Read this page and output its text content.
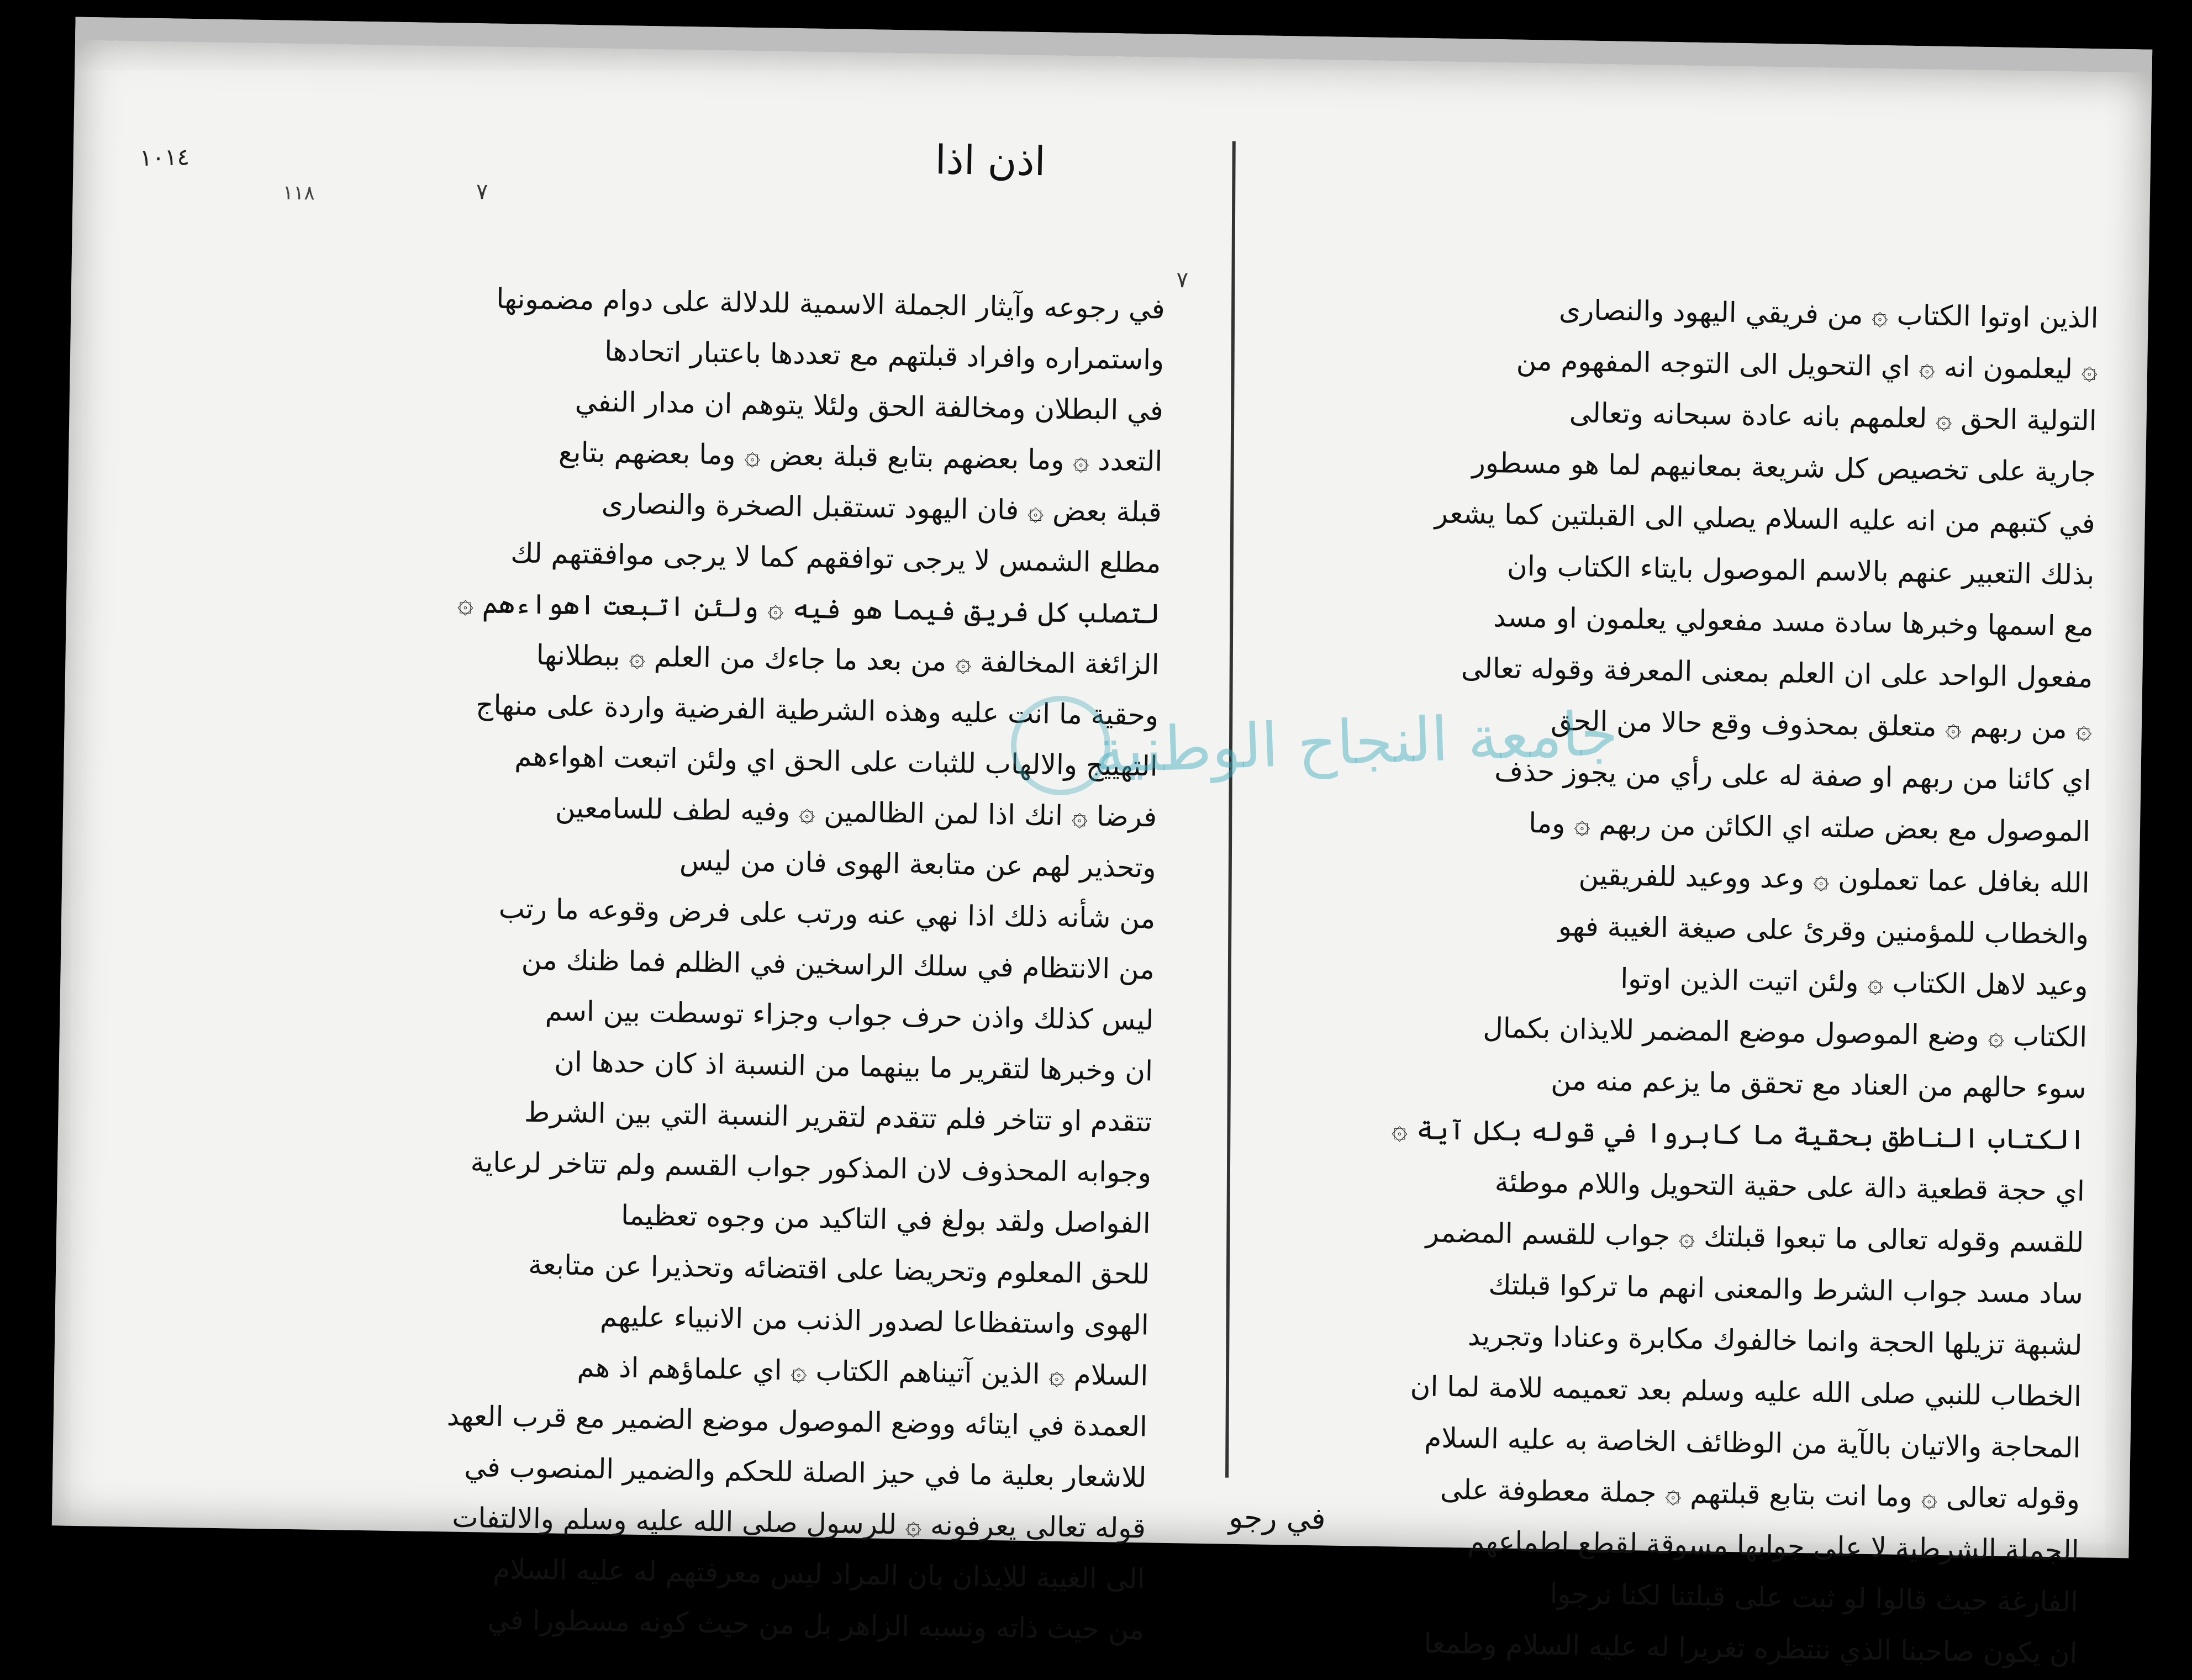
١٠١٤
١١٨
٧
٧
اذن اذا
الذين اوتوا الكتاب ۞ من فريقي اليهود والنصارى
۞ ليعلمون انه ۞ اي التحويل الى التوجه المفهوم من
التولية الحق ۞ لعلمهم بانه عادة سبحانه وتعالى
جارية على تخصيص كل شريعة بمعانيهم لما هو مسطور
في كتبهم من انه عليه السلام يصلي الى القبلتين كما يشعر
بذلك التعبير عنهم بالاسم الموصول بايتاء الكتاب وان
مع اسمها وخبرها سادة مسد مفعولي يعلمون او مسد
مفعول الواحد على ان العلم بمعنى المعرفة وقوله تعالى
۞ من ربهم ۞ متعلق بمحذوف وقع حالا من الحق
اي كائنا من ربهم او صفة له على رأي من يجوز حذف
الموصول مع بعض صلته اي الكائن من ربهم ۞ وما
الله بغافل عما تعملون ۞ وعد ووعيد للفريقين
والخطاب للمؤمنين وقرئ على صيغة الغيبة فهو
وعيد لاهل الكتاب ۞ ولئن اتيت الذين اوتوا
الكتاب ۞ وضع الموصول موضع المضمر للايذان بكمال
سوء حالهم من العناد مع تحقق ما يزعم منه من
الكتاب الناطق بحقية ما كابروا في قوله بكل آية ۞
اي حجة قطعية دالة على حقية التحويل واللام موطئة
للقسم وقوله تعالى ما تبعوا قبلتك ۞ جواب للقسم المضمر
ساد مسد جواب الشرط والمعنى انهم ما تركوا قبلتك
لشبهة تزيلها الحجة وانما خالفوك مكابرة وعنادا وتجريد
الخطاب للنبي صلى الله عليه وسلم بعد تعميمه للامة لما ان
المحاجة والاتيان بالآية من الوظائف الخاصة به عليه السلام
وقوله تعالى ۞ وما انت بتابع قبلتهم ۞ جملة معطوفة على
الجملة الشرطية لا على جوابها مسوقة لقطع اطماعهم
الفارغة حيث قالوا لو ثبت على قبلتنا لكنا نرجوا
ان يكون صاحبنا الذي ننتظره تغريرا له عليه السلام وطمعا
في رجوعه وآيثار الجملة الاسمية للدلالة على دوام مضمونها
واستمراره وافراد قبلتهم مع تعددها باعتبار اتحادها
في البطلان ومخالفة الحق ولئلا يتوهم ان مدار النفي
التعدد ۞ وما بعضهم بتابع قبلة بعض ۞ وما بعضهم بتابع
قبلة بعض ۞ فان اليهود تستقبل الصخرة والنصارى
مطلع الشمس لا يرجى توافقهم كما لا يرجى موافقتهم لك
لتصلب كل فريق فيما هو فيه ۞ ولئن اتبعت اهواءهم ۞
الزائغة المخالفة ۞ من بعد ما جاءك من العلم ۞ ببطلانها
وحقية ما انت عليه وهذه الشرطية الفرضية واردة على منهاج
التهييج والالهاب للثبات على الحق اي ولئن اتبعت اهواءهم
فرضا ۞ انك اذا لمن الظالمين ۞ وفيه لطف للسامعين
وتحذير لهم عن متابعة الهوى فان من ليس
من شأنه ذلك اذا نهي عنه ورتب على فرض وقوعه ما رتب
من الانتظام في سلك الراسخين في الظلم فما ظنك من
ليس كذلك واذن حرف جواب وجزاء توسطت بين اسم
ان وخبرها لتقرير ما بينهما من النسبة اذ كان حدها ان
تتقدم او تتاخر فلم تتقدم لتقرير النسبة التي بين الشرط
وجوابه المحذوف لان المذكور جواب القسم ولم تتاخر لرعاية
الفواصل ولقد بولغ في التاكيد من وجوه تعظيما
للحق المعلوم وتحريضا على اقتضائه وتحذيرا عن متابعة
الهوى واستفظاعا لصدور الذنب من الانبياء عليهم
السلام ۞ الذين آتيناهم الكتاب ۞ اي علماؤهم اذ هم
العمدة في ايتائه ووضع الموصول موضع الضمير مع قرب العهد
للاشعار بعلية ما في حيز الصلة للحكم والضمير المنصوب في
قوله تعالى يعرفونه ۞ للرسول صلى الله عليه وسلم والالتفات
الى الغيبة للايذان بان المراد ليس معرفتهم له عليه السلام
من حيث ذاته ونسبه الزاهر بل من حيث كونه مسطورا في
في رجو
جامعة النجاح الوطنية
